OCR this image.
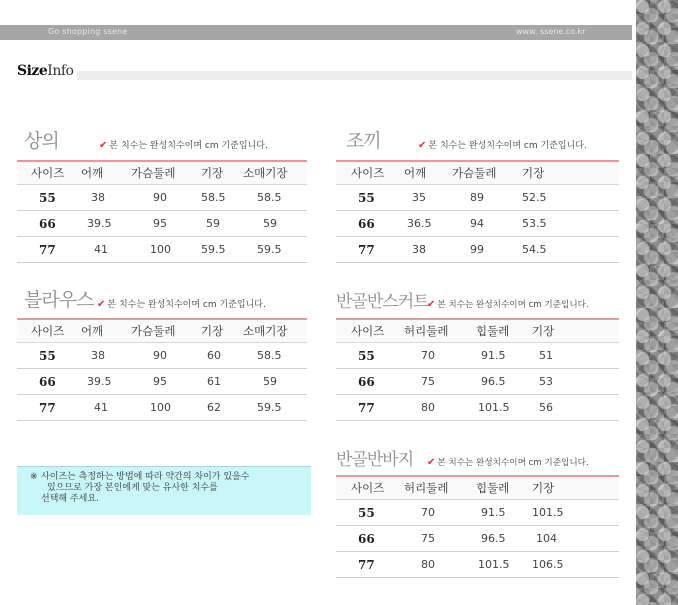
Go shopping ssene	www. ssene.co.kr
SizeInfo
상의	✔ 본 치수는 완성치수이며 cm 기준입니다.
사이즈	어깨	가슴둘레	기장	소매기장
55	38	90	58.5	58.5
66	39.5	95	59	59
77	41	100	59.5	59.5
조끼	✔ 본 치수는 완성치수이며 cm 기준입니다.
사이즈	어깨	가슴둘레	기장
55	35	89	52.5
66	36.5	94	53.5
77	38	99	54.5
블라우스 ✔ 본 치수는 완성치수이며 cm 기준입니다.
사이즈	어깨	가슴둘레	기장	소매기장
55	38	90	60	58.5
66	39.5	95	61	59
77	41	100	62	59.5
반골반스커트
✔ 본 치수는 완성치수이며 cm 기준입니다.
사이즈	허리둘레	힙둘레	기장
55	70	91.5	51
66	75	96.5	53
77	80	101.5	56
반골반바지 ✔ 본 치수는 완성치수이며 cm 기준입니다.
사이즈	허리둘레	힙둘레	기장
55	70	91.5	101.5
66	75	96.5	104
77	80	101.5	106.5
※ 사이즈는 측정하는 방법에 따라 약간의 차이가 있을수
있으므로 가장 본인에게 맞는 유사한 치수를
선택해 주세요.
